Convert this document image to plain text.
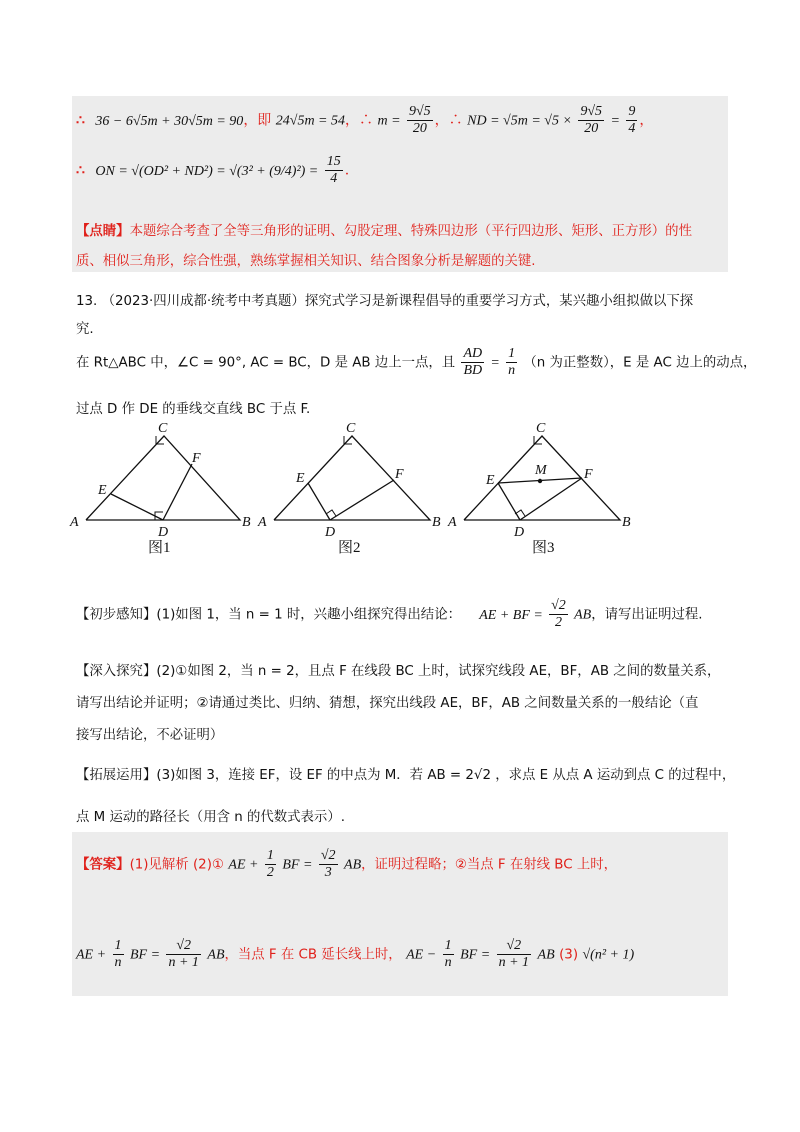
∴ 36 − 6√5m + 30√5m = 90，即 24√5m = 54，∴ $m = \frac{9√5}{20}$ ，∴ ND = $√5m = √5 \times \frac{9√5}{20} = \frac{9}{4}$ ，
∴ ON = $√(OD^2 + ND^2) = √(3^2 + (9/4)^2) = \frac{15}{4}$ .
【点睛】本题综合考查了全等三角形的证明、勾股定理、特殊四边形（平行四边形、矩形、正方形）的性
质、相似三角形，综合性强，熟练掌握相关知识、结合图象分析是解题的关键.
13. （2023·四川成都·统考中考真题）探究式学习是新课程倡导的重要学习方式，某兴趣小组拟做以下探
究.
在 Rt△ABC 中，∠C = 90°, AC = BC，D 是 AB 边上一点，且 $\frac{AD}{BD} = \frac{1}{n} (n$ 为正整数），E 是 AC 边上的动点，
过点 D 作 DE 的垂线交直线 BC 于点 F.
C
F
E
A
D
B
图1
C
F
E
A
D
B
图2
C
M	F
E
A
D
B
图3
【初步感知】(1)如图 1，当 n = 1 时，兴趣小组探究得出结论： AE + BF = $\frac{√2}{2}$ AB，请写出证明过程.
【深入探究】(2)①如图 2，当 n = 2，且点 F 在线段 BC 上时，试探究线段 AE，BF，AB 之间的数量关系，
请写出结论并证明；②请通过类比、归纳、猜想，探究出线段 AE，BF，AB 之间数量关系的一般结论（直
接写出结论，不必证明）
【拓展运用】(3)如图 3，连接 EF，设 EF 的中点为 M．若 AB = 2√2 ，求点 E 从点 A 运动到点 C 的过程中，
点 M 运动的路径长（用含 n 的代数式表示）.
【答案】(1)见解析 (2)① AE + $\frac{1}{2}$ BF = $\frac{√2}{3}$ AB，证明过程略；②当点 F 在射线 BC 上时，
AE + $\frac{1}{n}$ BF = $\frac{√2}{n + 1}$ AB，当点 F 在 CB 延长线上时， AE − $\frac{1}{n}$ BF = $\frac{√2}{n + 1}$ AB (3) √(n² + 1)
